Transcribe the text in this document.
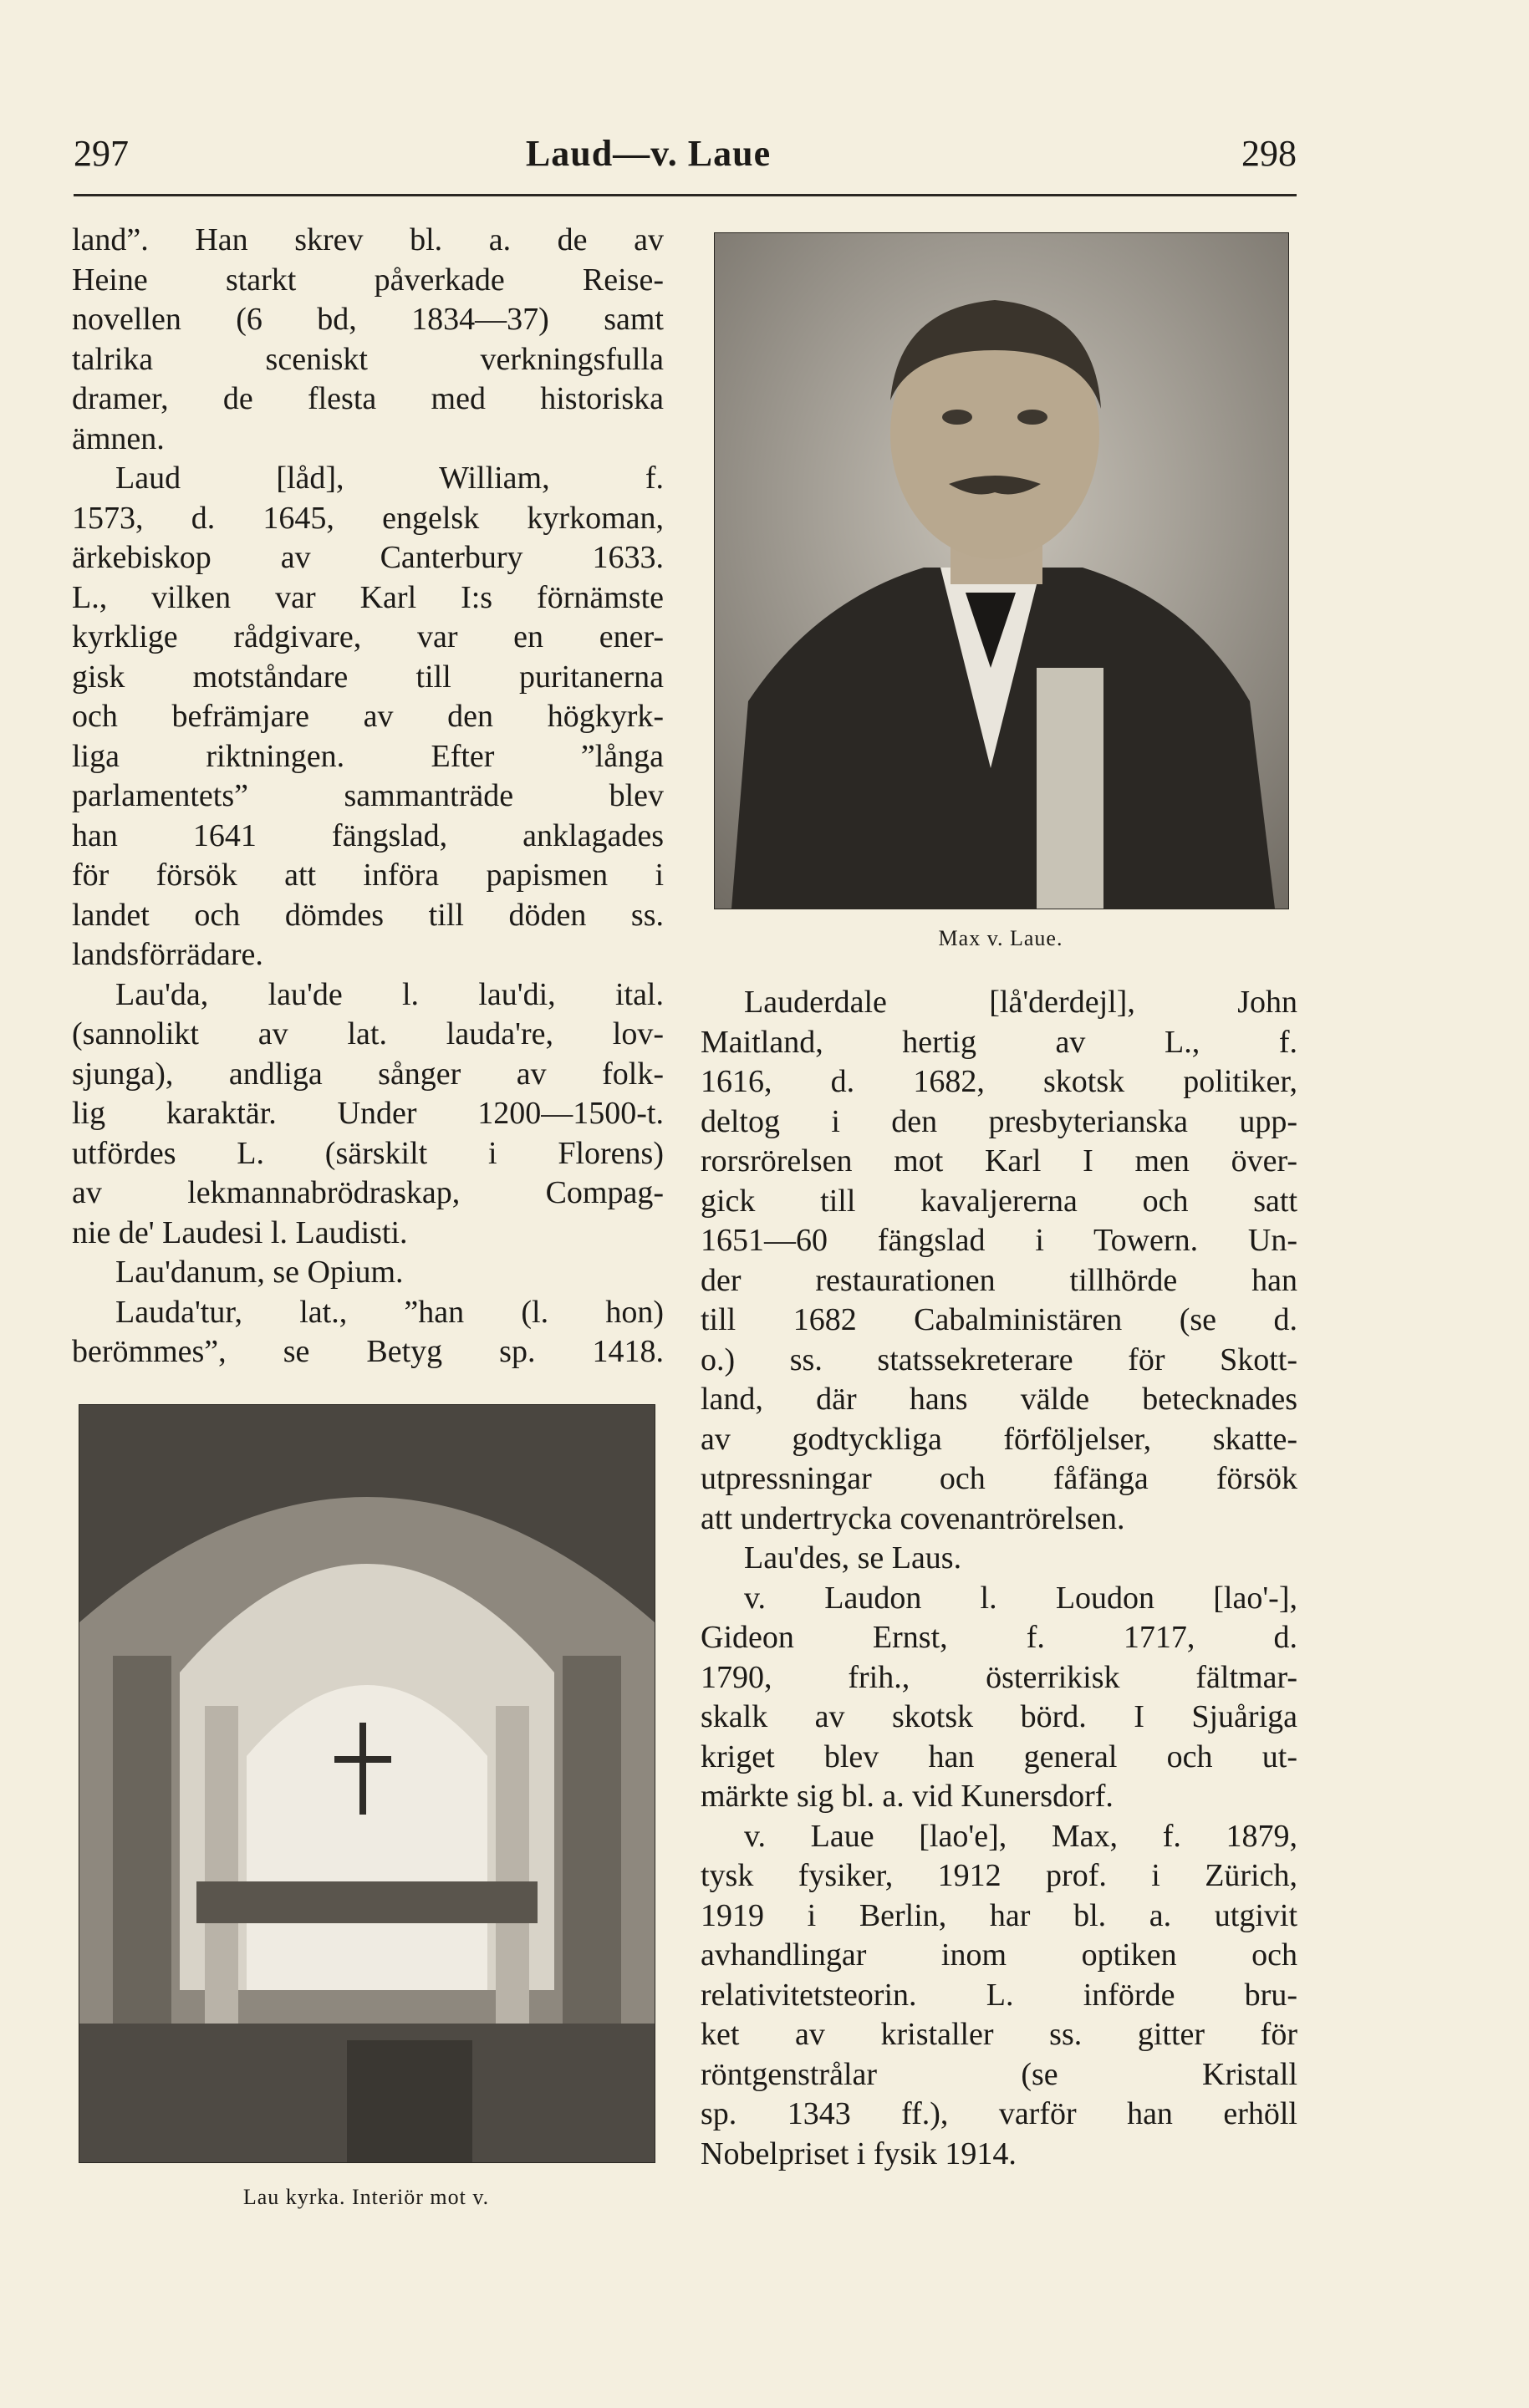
297	Laud—v. Laue	298
land”. Han skrev bl. a. de av
Heine starkt påverkade Reise-
novellen (6 bd, 1834—37) samt
talrika sceniskt verkningsfulla
dramer, de flesta med historiska
ämnen.
Laud [låd], William, f.
1573, d. 1645, engelsk kyrkoman,
ärkebiskop av Canterbury 1633.
L., vilken var Karl I:s förnämste
kyrklige rådgivare, var en ener-
gisk motståndare till puritanerna
och befrämjare av den högkyrk-
liga riktningen. Efter ”långa
parlamentets” sammanträde blev
han 1641 fängslad, anklagades
för försök att införa papismen i
landet och dömdes till döden ss.
landsförrädare.
Lau'da, lau'de l. lau'di, ital.
(sannolikt av lat. lauda're, lov-
sjunga), andliga sånger av folk-
lig karaktär. Under 1200—1500-t.
utfördes L. (särskilt i Florens)
av lekmannabrödraskap, Compag-
nie de' Laudesi l. Laudisti.
Lau'danum, se Opium.
Lauda'tur, lat., ”han (l. hon)
berömmes”, se Betyg sp. 1418.
Max v. Laue.
Lau kyrka. Interiör mot v.
Lauderdale [lå'derdejl], John
Maitland, hertig av L., f.
1616, d. 1682, skotsk politiker,
deltog i den presbyterianska upp-
rorsrörelsen mot Karl I men över-
gick till kavaljererna och satt
1651—60 fängslad i Towern. Un-
der restaurationen tillhörde han
till 1682 Cabalministären (se d.
o.) ss. statssekreterare för Skott-
land, där hans välde betecknades
av godtyckliga förföljelser, skatte-
utpressningar och fåfänga försök
att undertrycka covenantrörelsen.
Lau'des, se Laus.
v. Laudon l. Loudon [lao'-],
Gideon Ernst, f. 1717, d.
1790, frih., österrikisk fältmar-
skalk av skotsk börd. I Sjuåriga
kriget blev han general och ut-
märkte sig bl. a. vid Kunersdorf.
v. Laue [lao'e], Max, f. 1879,
tysk fysiker, 1912 prof. i Zürich,
1919 i Berlin, har bl. a. utgivit
avhandlingar inom optiken och
relativitetsteorin. L. införde bru-
ket av kristaller ss. gitter för
röntgenstrålar (se Kristall
sp. 1343 ff.), varför han erhöll
Nobelpriset i fysik 1914.
